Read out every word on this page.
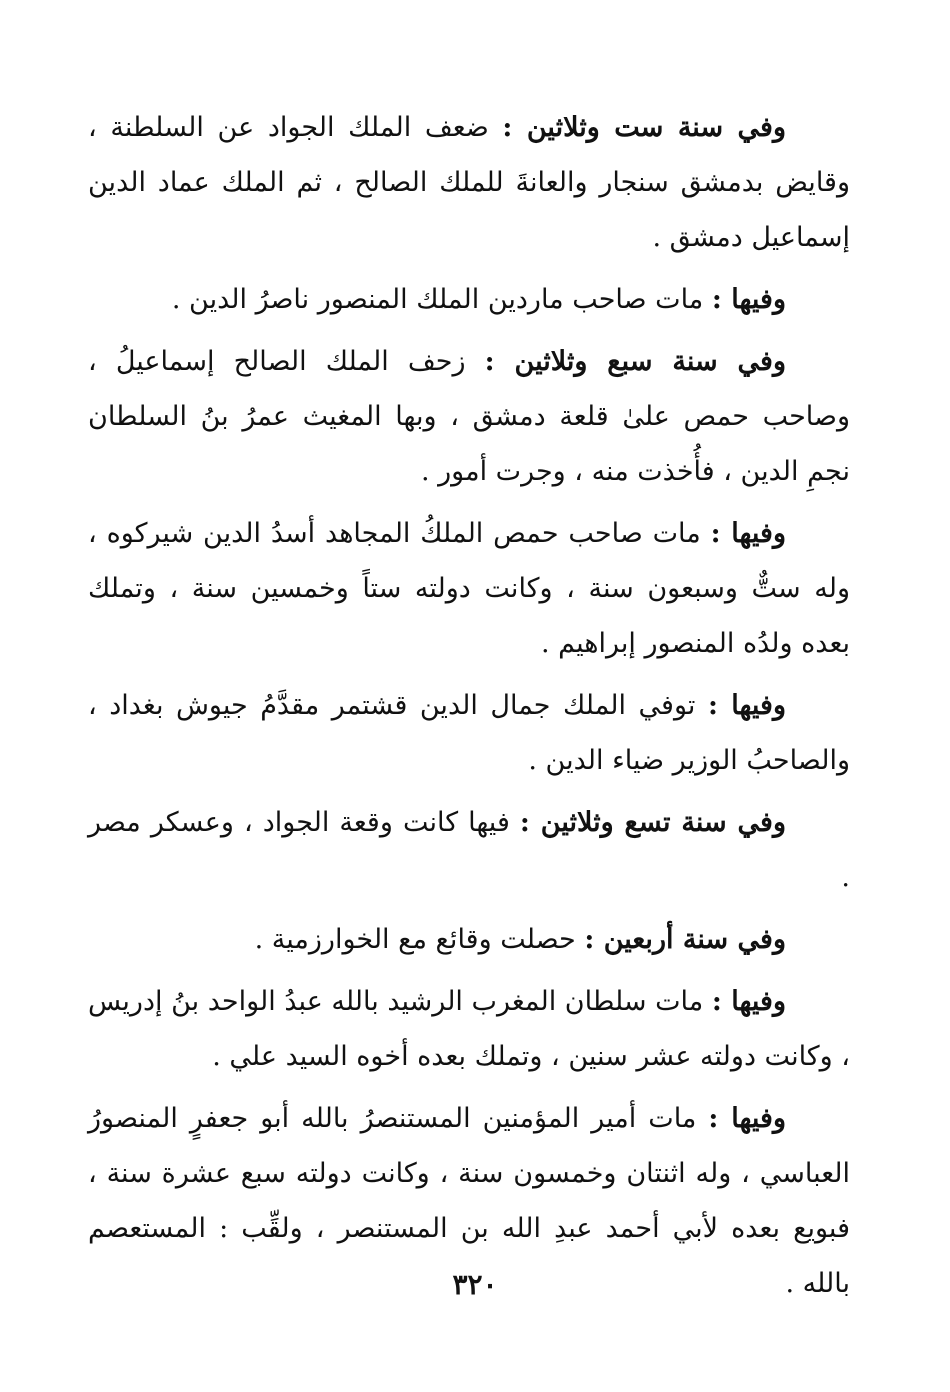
وفي سنة ست وثلاثين : ضعف الملك الجواد عن السلطنة ، وقايض بدمشق سنجار والعانةَ للملك الصالح ، ثم الملك عماد الدين إسماعيل دمشق .

وفيها : مات صاحب ماردين الملك المنصور ناصرُ الدين .

وفي سنة سبع وثلاثين : زحف الملك الصالح إسماعيلُ ، وصاحب حمص علىٰ قلعة دمشق ، وبها المغيث عمرُ بنُ السلطان نجمِ الدين ، فأُخذت منه ، وجرت أمور .

وفيها : مات صاحب حمص الملكُ المجاهد أسدُ الدين شيركوه ، وله ستٌّ وسبعون سنة ، وكانت دولته ستاً وخمسين سنة ، وتملك بعده ولدُه المنصور إبراهيم .

وفيها : توفي الملك جمال الدين قشتمر مقدَّمُ جيوش بغداد ، والصاحبُ الوزير ضياء الدين .

وفي سنة تسع وثلاثين : فيها كانت وقعة الجواد ، وعسكر مصر .

وفي سنة أربعين : حصلت وقائع مع الخوارزمية .

وفيها : مات سلطان المغرب الرشيد بالله عبدُ الواحد بنُ إدريس ، وكانت دولته عشر سنين ، وتملك بعده أخوه السيد علي .

وفيها : مات أمير المؤمنين المستنصرُ بالله أبو جعفرٍ المنصورُ العباسي ، وله اثنتان وخمسون سنة ، وكانت دولته سبع عشرة سنة ، فبويع بعده لأبي أحمد عبدِ الله بن المستنصر ، ولقِّب : المستعصم بالله .

٣٢٠
